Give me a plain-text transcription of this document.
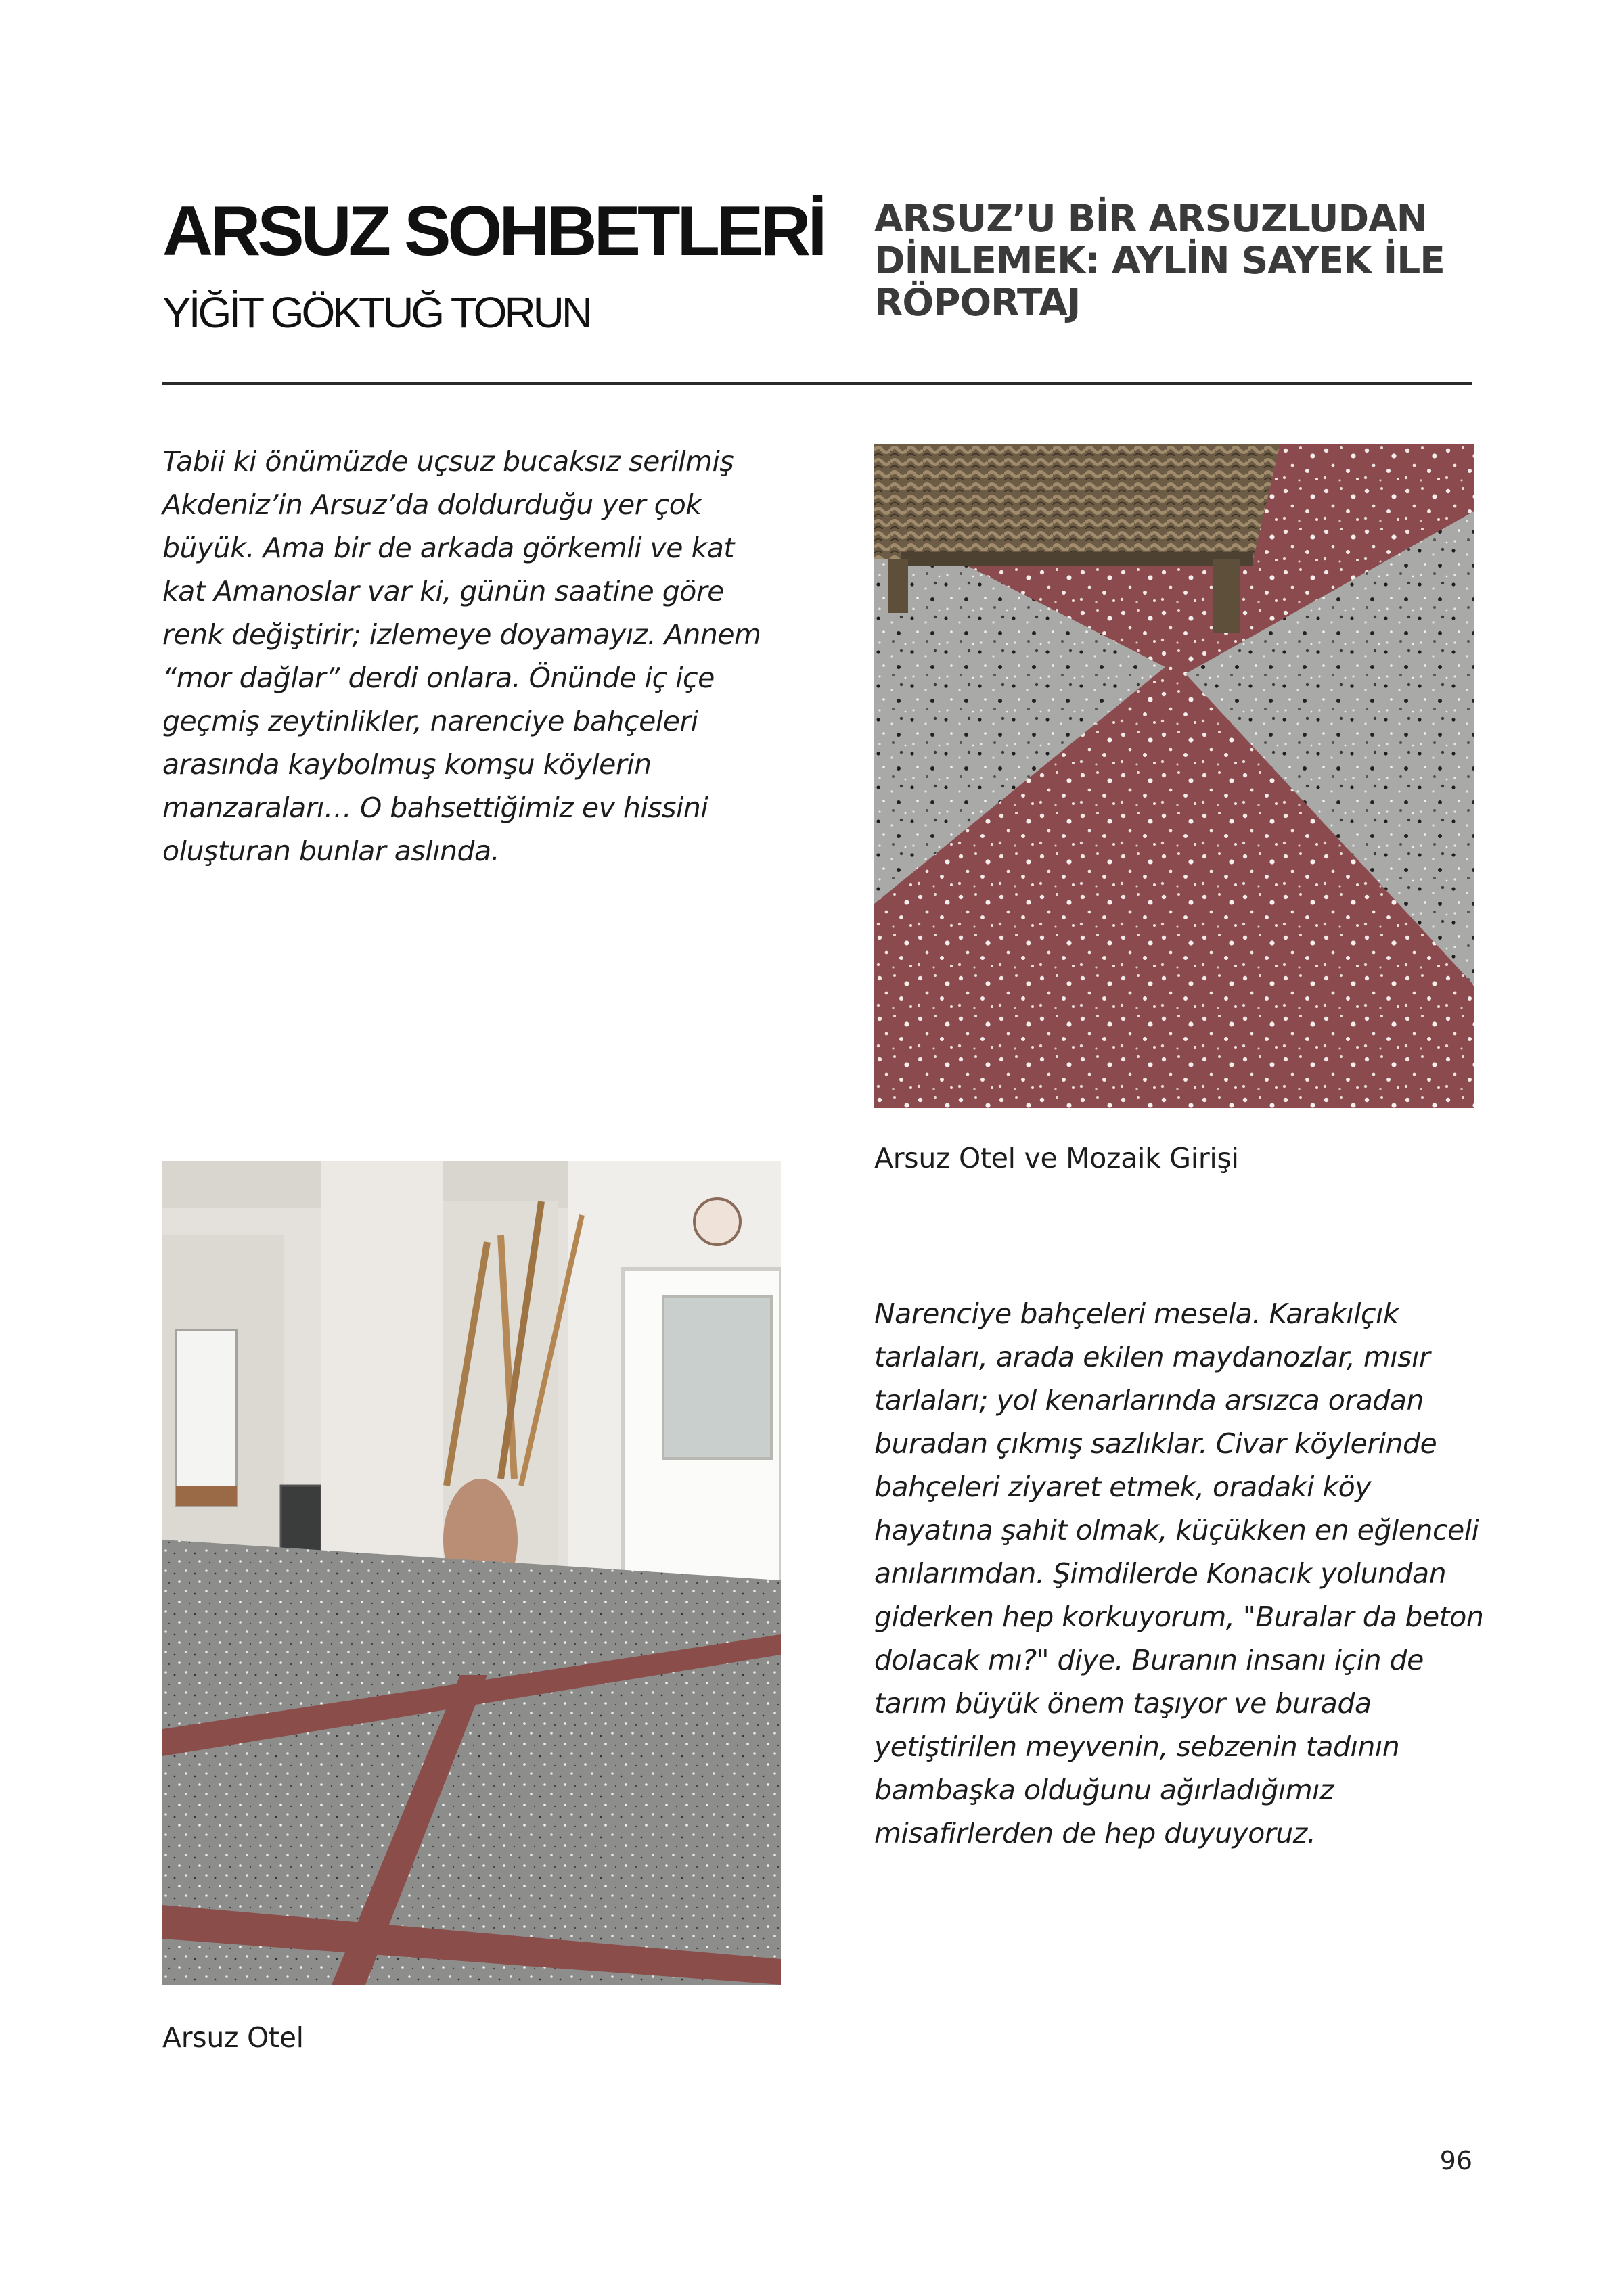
ARSUZ SOHBETLERİ
YİĞİT GÖKTUĞ TORUN
ARSUZ’U BİR ARSUZLUDAN DİNLEMEK: AYLİN SAYEK İLE RÖPORTAJ

Tabii ki önümüzde uçsuz bucaksız serilmiş Akdeniz’in Arsuz’da doldurduğu yer çok büyük. Ama bir de arkada görkemli ve kat kat Amanoslar var ki, günün saatine göre renk değiştirir; izlemeye doyamayız. Annem “mor dağlar” derdi onlara. Önünde iç içe geçmiş zeytinlikler, narenciye bahçeleri arasında kaybolmuş komşu köylerin manzaraları… O bahsettiğimiz ev hissini oluşturan bunlar aslında.

Arsuz Otel ve Mozaik Girişi

Arsuz Otel

Narenciye bahçeleri mesela. Karakılçık tarlaları, arada ekilen maydanozlar, mısır tarlaları; yol kenarlarında arsızca oradan buradan çıkmış sazlıklar. Civar köylerinde bahçeleri ziyaret etmek, oradaki köy hayatına şahit olmak, küçükken en eğlenceli anılarımdan. Şimdilerde Konacık yolundan giderken hep korkuyorum, "Buralar da beton dolacak mı?" diye. Buranın insanı için de tarım büyük önem taşıyor ve burada yetiştirilen meyvenin, sebzenin tadının bambaşka olduğunu ağırladığımız misafirlerden de hep duyuyoruz.

96
